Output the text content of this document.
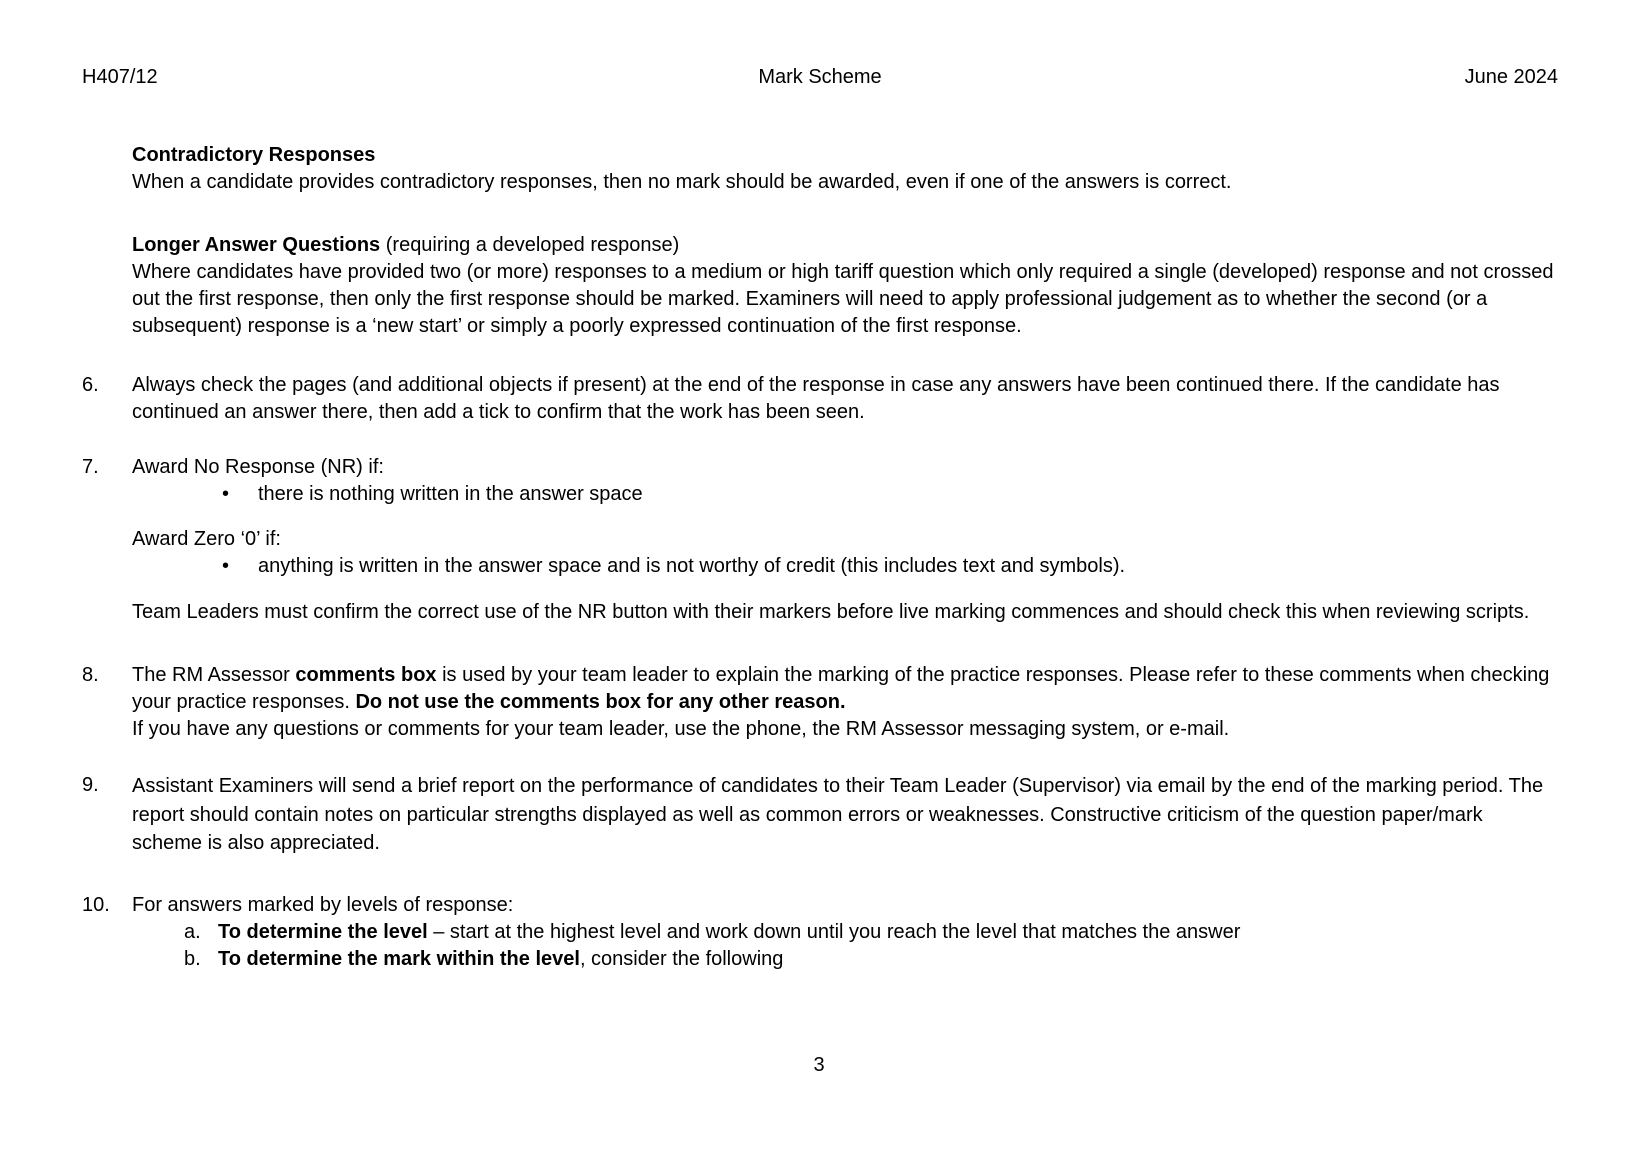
H407/12	Mark Scheme	June 2024

Contradictory Responses

When a candidate provides contradictory responses, then no mark should be awarded, even if one of the answers is correct.

Longer Answer Questions (requiring a developed response)

Where candidates have provided two (or more) responses to a medium or high tariff question which only required a single (developed) response and not crossed out the first response, then only the first response should be marked. Examiners will need to apply professional judgement as to whether the second (or a subsequent) response is a ‘new start’ or simply a poorly expressed continuation of the first response.

6.	Always check the pages (and additional objects if present) at the end of the response in case any answers have been continued there. If the candidate has continued an answer there, then add a tick to confirm that the work has been seen.

7.	Award No Response (NR) if:

•	there is nothing written in the answer space

Award Zero ‘0’ if:

•	anything is written in the answer space and is not worthy of credit (this includes text and symbols).

Team Leaders must confirm the correct use of the NR button with their markers before live marking commences and should check this when reviewing scripts.

8.	The RM Assessor comments box is used by your team leader to explain the marking of the practice responses. Please refer to these comments when checking your practice responses. Do not use the comments box for any other reason.

If you have any questions or comments for your team leader, use the phone, the RM Assessor messaging system, or e-mail.

9.	Assistant Examiners will send a brief report on the performance of candidates to their Team Leader (Supervisor) via email by the end of the marking period. The report should contain notes on particular strengths displayed as well as common errors or weaknesses. Constructive criticism of the question paper/mark scheme is also appreciated.

10.	For answers marked by levels of response:

a. To determine the level – start at the highest level and work down until you reach the level that matches the answer
b. To determine the mark within the level, consider the following
3
